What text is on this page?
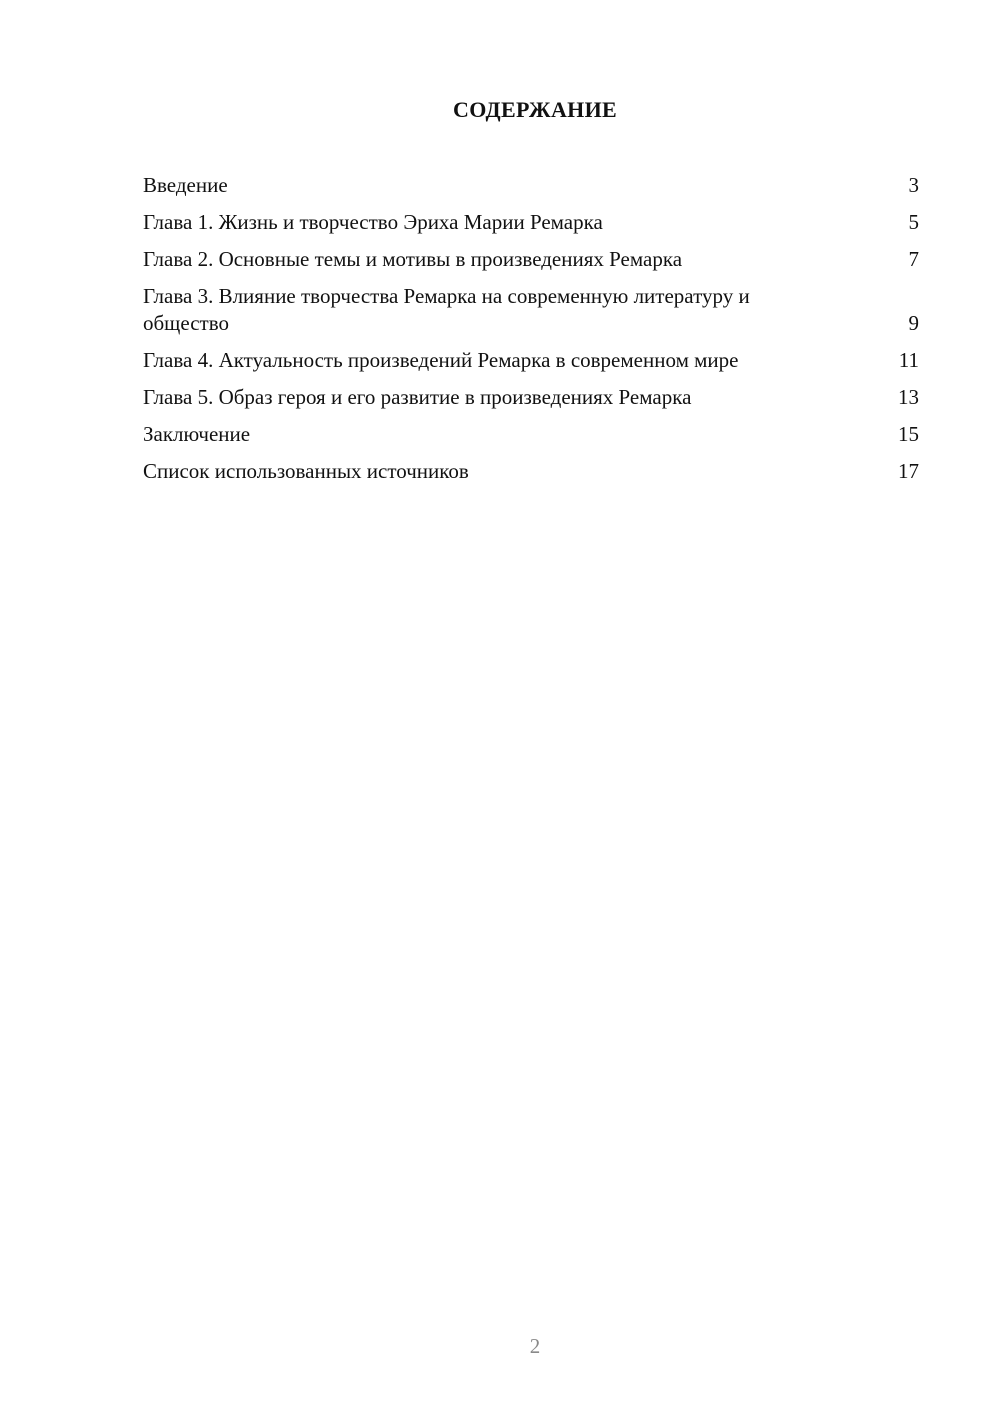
СОДЕРЖАНИЕ
Введение	3
Глава 1. Жизнь и творчество Эриха Марии Ремарка	5
Глава 2. Основные темы и мотивы в произведениях Ремарка	7
Глава 3. Влияние творчества Ремарка на современную литературу и общество	9
Глава 4. Актуальность произведений Ремарка в современном мире	11
Глава 5. Образ героя и его развитие в произведениях Ремарка	13
Заключение	15
Список использованных источников	17
2
